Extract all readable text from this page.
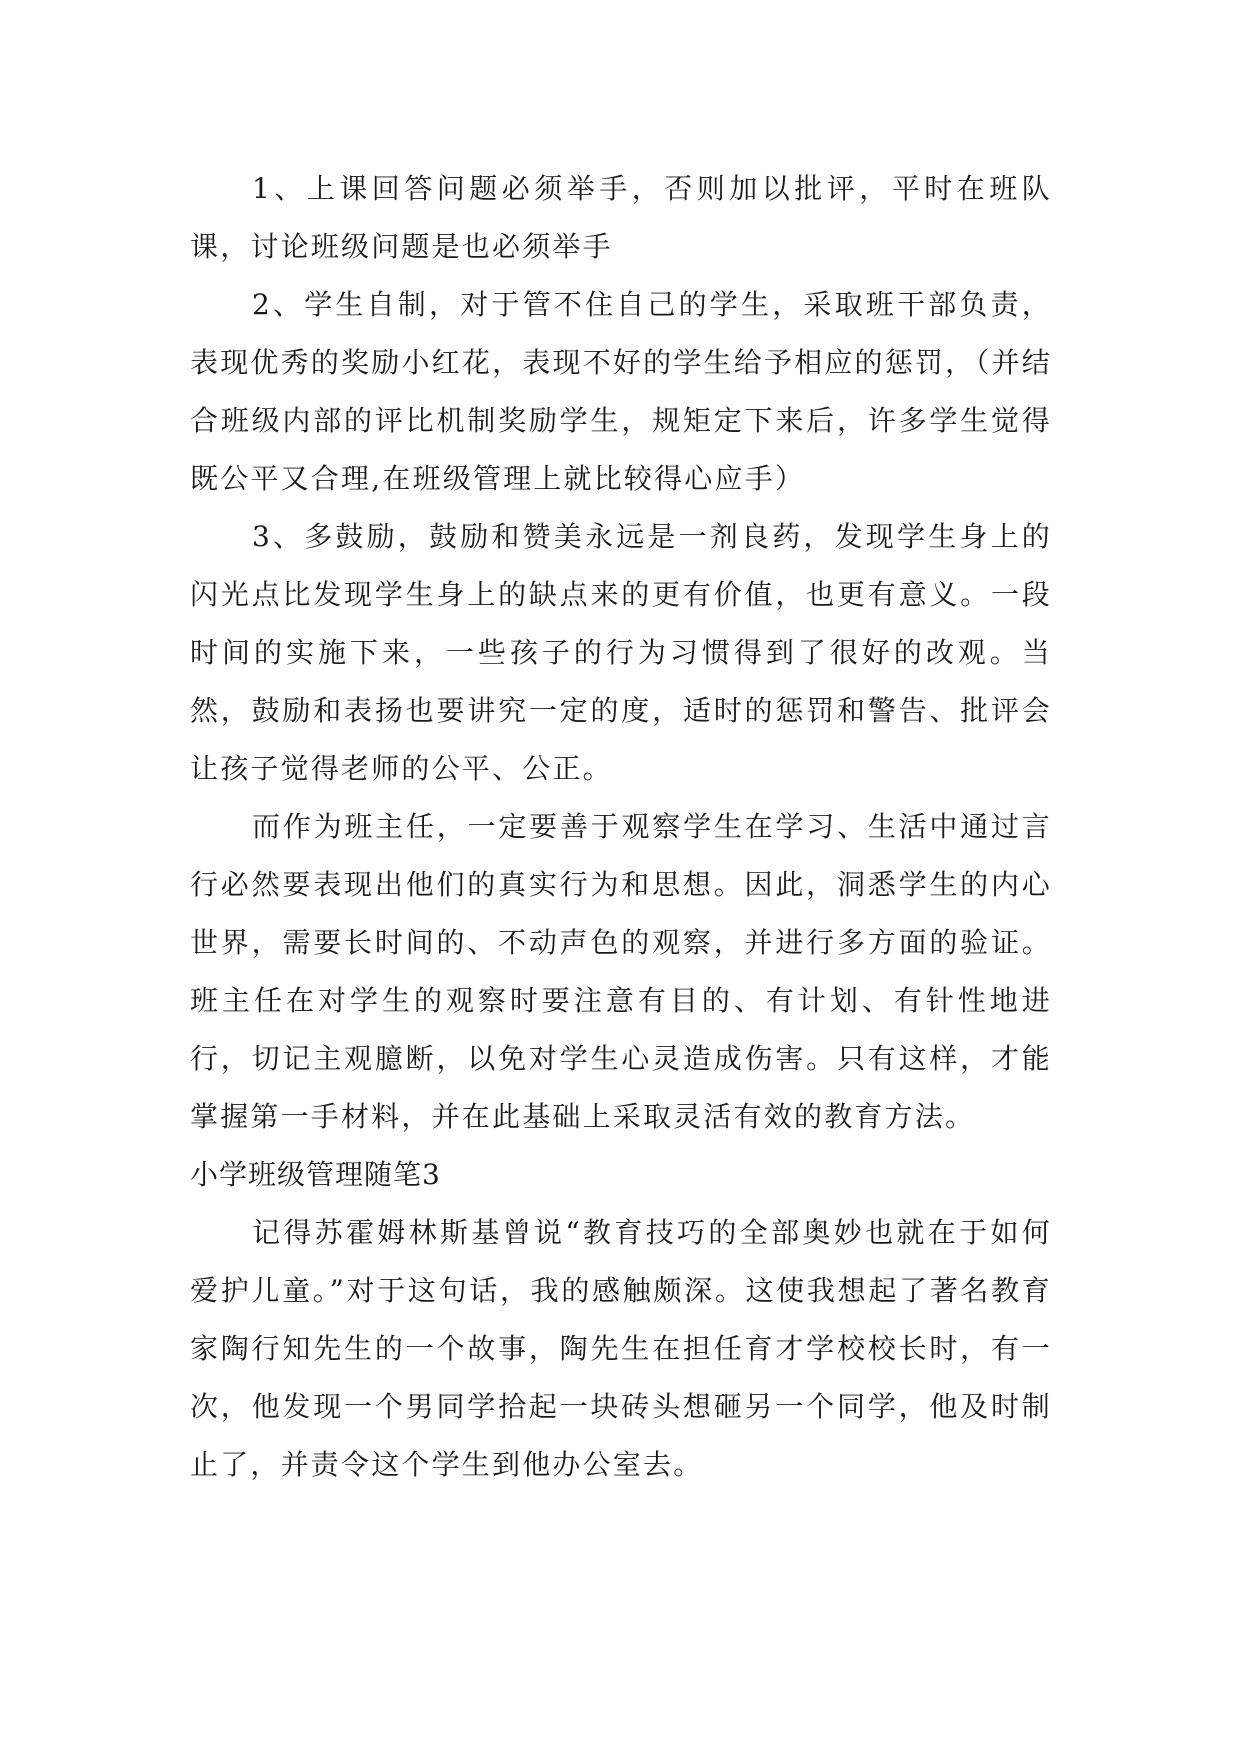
1、上课回答问题必须举手，否则加以批评，平时在班队课，讨论班级问题是也必须举手

2、学生自制，对于管不住自己的学生，采取班干部负责，表现优秀的奖励小红花，表现不好的学生给予相应的惩罚，（并结合班级内部的评比机制奖励学生，规矩定下来后，许多学生觉得既公平又合理,在班级管理上就比较得心应手）

3、多鼓励，鼓励和赞美永远是一剂良药，发现学生身上的闪光点比发现学生身上的缺点来的更有价值，也更有意义。一段时间的实施下来，一些孩子的行为习惯得到了很好的改观。当然，鼓励和表扬也要讲究一定的度，适时的惩罚和警告、批评会让孩子觉得老师的公平、公正。

而作为班主任，一定要善于观察学生在学习、生活中通过言行必然要表现出他们的真实行为和思想。因此，洞悉学生的内心世界，需要长时间的、不动声色的观察，并进行多方面的验证。班主任在对学生的观察时要注意有目的、有计划、有针性地进行，切记主观臆断，以免对学生心灵造成伤害。只有这样，才能掌握第一手材料，并在此基础上采取灵活有效的教育方法。

小学班级管理随笔3

记得苏霍姆林斯基曾说“教育技巧的全部奥妙也就在于如何爱护儿童。”对于这句话，我的感触颇深。这使我想起了著名教育家陶行知先生的一个故事，陶先生在担任育才学校校长时，有一次，他发现一个男同学拾起一块砖头想砸另一个同学，他及时制止了，并责令这个学生到他办公室去。
